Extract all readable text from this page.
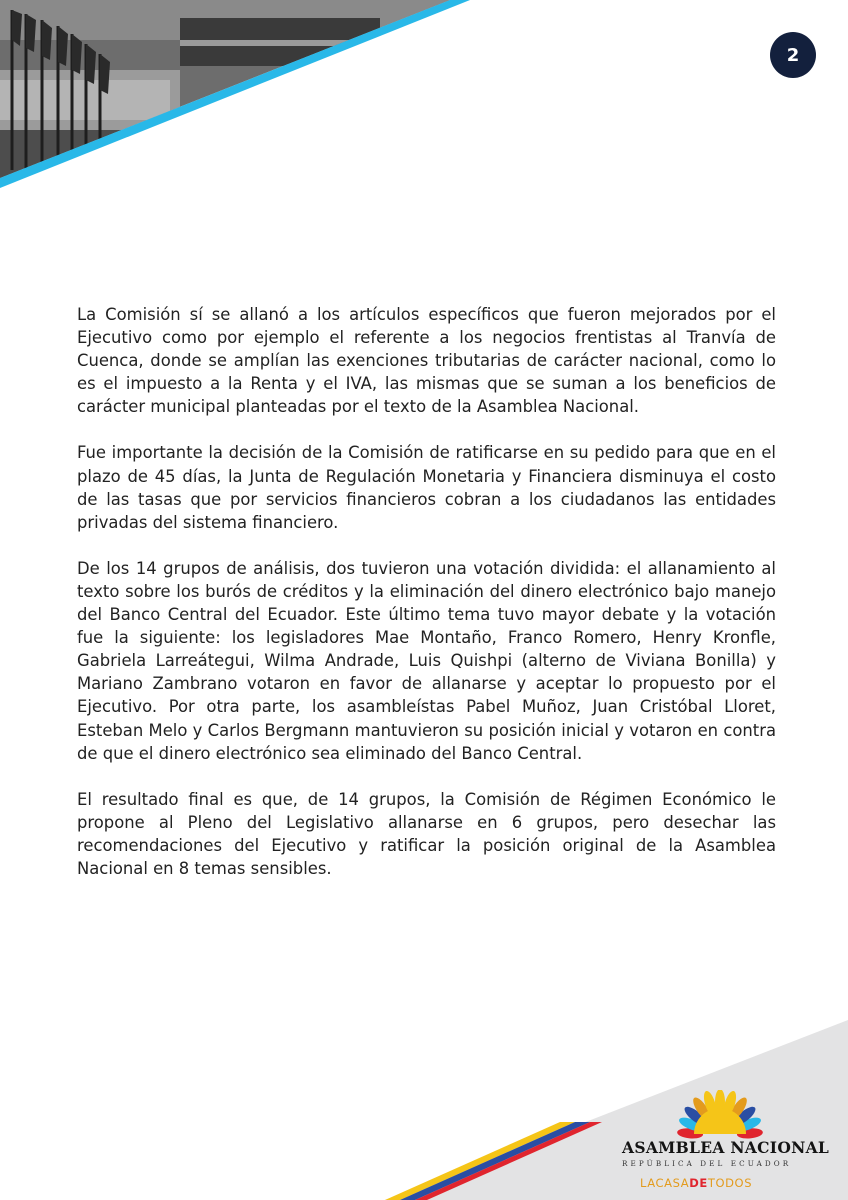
2

La Comisión sí se allanó a los artículos específicos que fueron mejorados por el Ejecutivo como por ejemplo el referente a los negocios frentistas al Tranvía de Cuenca, donde se amplían las exenciones tributarias de carácter nacional, como lo es el impuesto a la Renta y el IVA, las mismas que se suman a los beneficios de carácter municipal planteadas por el texto de la Asamblea Nacional.

Fue importante la decisión de la Comisión de ratificarse en su pedido para que en el plazo de 45 días, la Junta de Regulación Monetaria y Financiera disminuya el costo de las tasas que por servicios financieros cobran a los ciudadanos las entidades privadas del sistema financiero.

De los 14 grupos de análisis, dos tuvieron una votación dividida: el allanamiento al texto sobre los burós de créditos y la eliminación del dinero electrónico bajo manejo del Banco Central del Ecuador. Este último tema tuvo mayor debate y la votación fue la siguiente: los legisladores Mae Montaño, Franco Romero, Henry Kronfle, Gabriela Larreátegui, Wilma Andrade, Luis Quishpi (alterno de Viviana Bonilla) y Mariano Zambrano votaron en favor de allanarse y aceptar lo propuesto por el Ejecutivo. Por otra parte, los asambleístas Pabel Muñoz, Juan Cristóbal Lloret, Esteban Melo y Carlos Bergmann mantuvieron su posición inicial y votaron en contra de que el dinero electrónico sea eliminado del Banco Central.

El resultado final es que, de 14 grupos, la Comisión de Régimen Económico le propone al Pleno del Legislativo allanarse en 6 grupos, pero desechar las recomendaciones del Ejecutivo y ratificar la posición original de la Asamblea Nacional en 8 temas sensibles.

ASAMBLEA NACIONAL
REPÚBLICA DEL ECUADOR
LACASADETODOS
